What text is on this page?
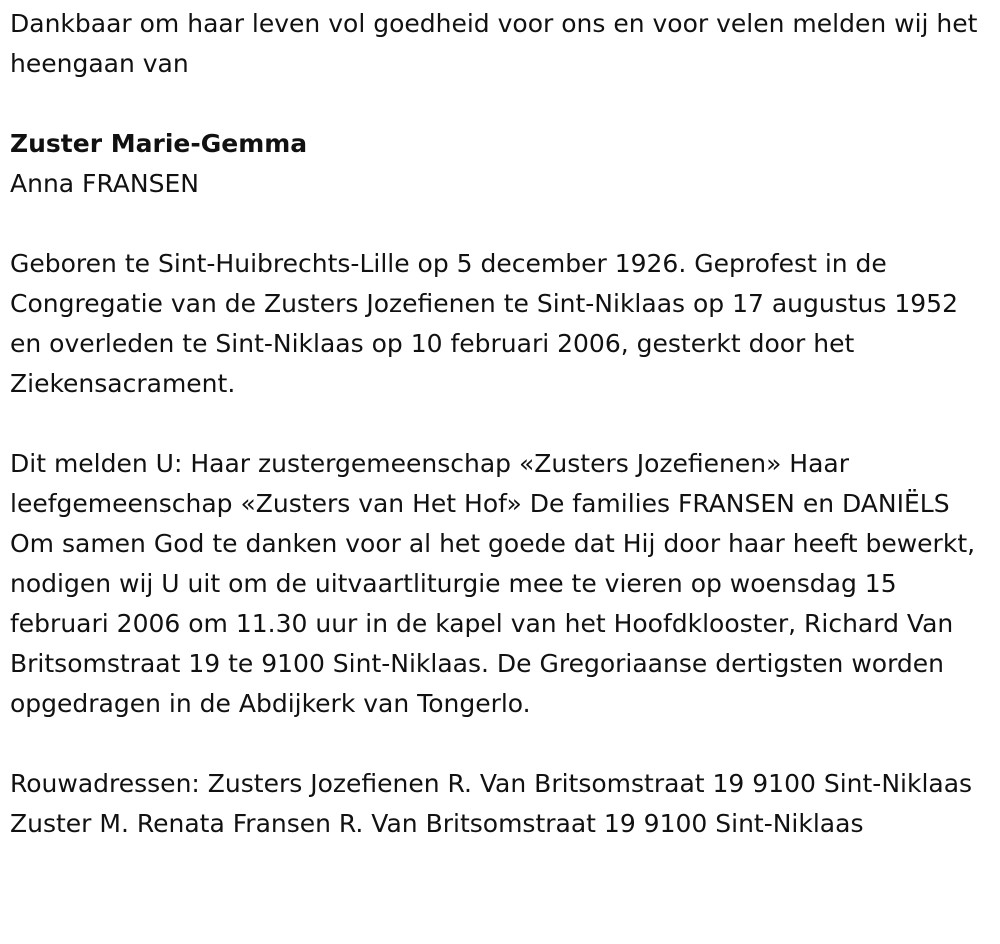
Dankbaar om haar leven vol goedheid voor ons en voor velen melden wij het heengaan van

Zuster Marie-Gemma

Anna FRANSEN

Geboren te Sint-Huibrechts-Lille op 5 december 1926. Geprofest in de Congregatie van de Zusters Jozefienen te Sint-Niklaas op 17 augustus 1952 en overleden te Sint-Niklaas op 10 februari 2006, gesterkt door het Ziekensacrament.

Dit melden U: Haar zustergemeenschap «Zusters Jozefienen» Haar leefgemeenschap «Zusters van Het Hof» De families FRANSEN en DANIËLS Om samen God te danken voor al het goede dat Hij door haar heeft bewerkt, nodigen wij U uit om de uitvaartliturgie mee te vieren op woensdag 15 februari 2006 om 11.30 uur in de kapel van het Hoofdklooster, Richard Van Britsomstraat 19 te 9100 Sint-Niklaas. De Gregoriaanse dertigsten worden opgedragen in de Abdijkerk van Tongerlo.

Rouwadressen: Zusters Jozefienen R. Van Britsomstraat 19 9100 Sint-Niklaas Zuster M. Renata Fransen R. Van Britsomstraat 19 9100 Sint-Niklaas
